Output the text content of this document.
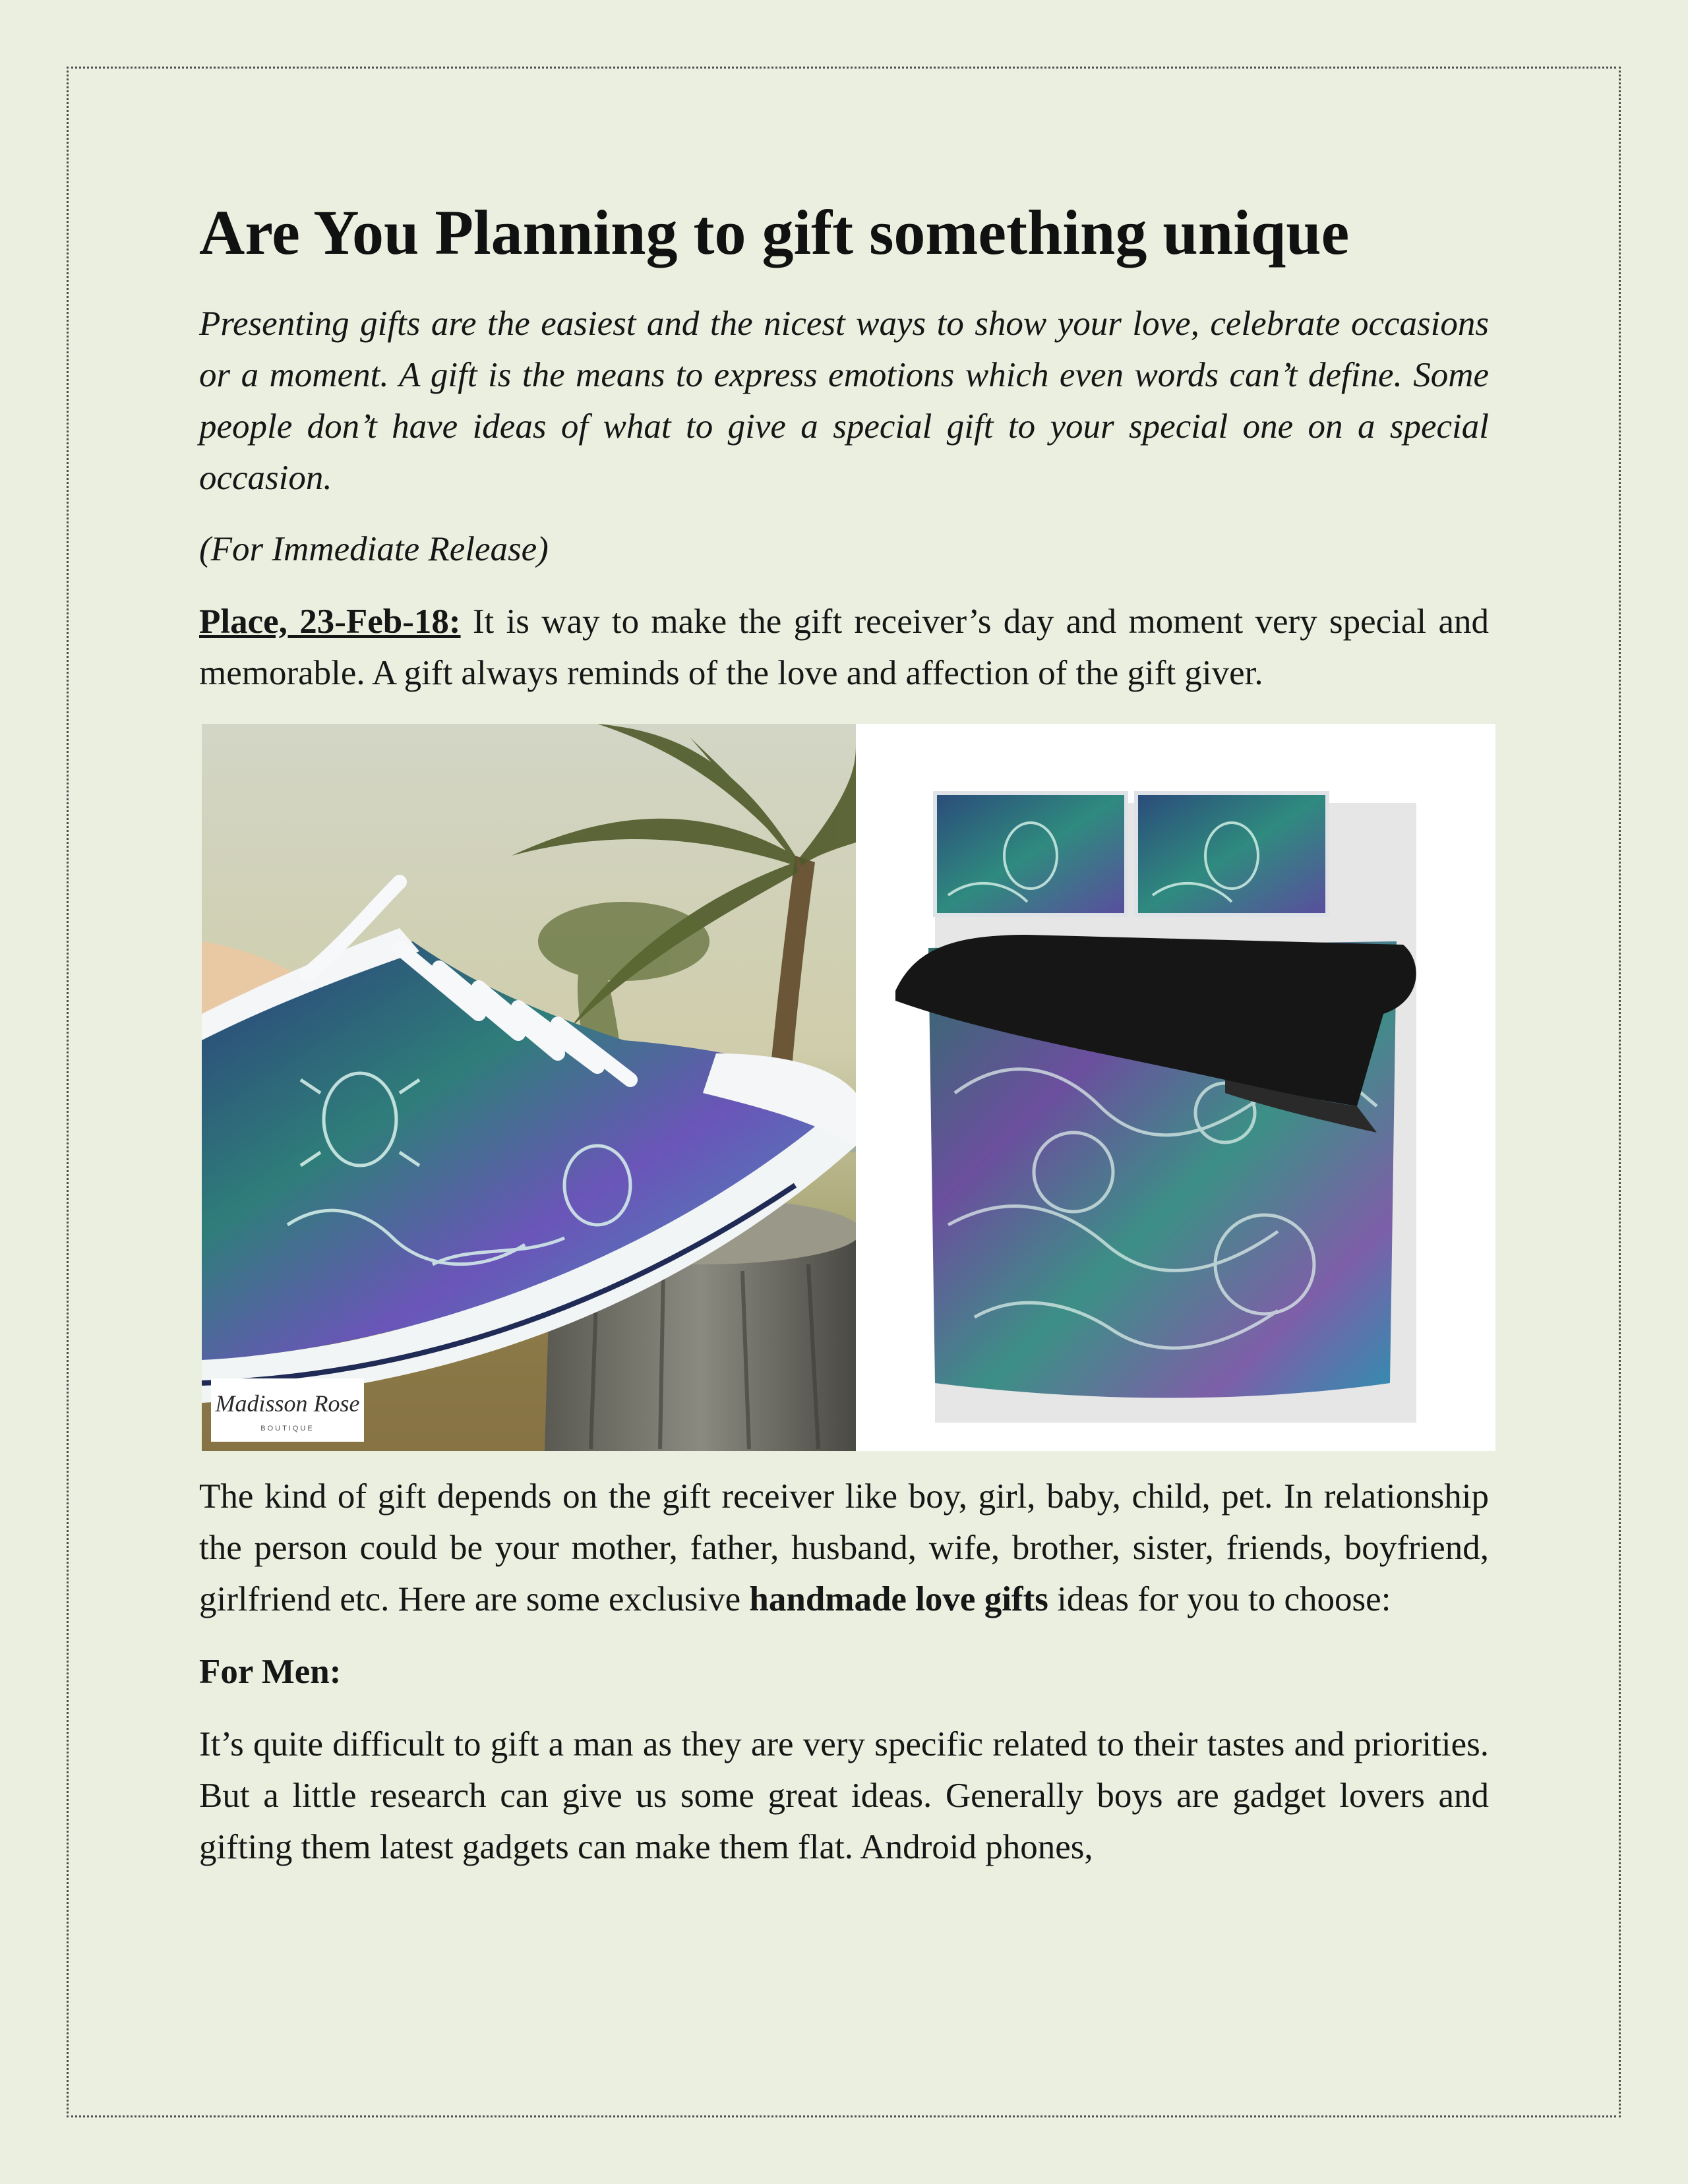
Are You Planning to gift something unique

Presenting gifts are the easiest and the nicest ways to show your love, celebrate occasions or a moment. A gift is the means to express emotions which even words can’t define. Some people don’t have ideas of what to give a special gift to your special one on a special occasion.

(For Immediate Release)

Place, 23-Feb-18: It is way to make the gift receiver’s day and moment very special and memorable. A gift always reminds of the love and affection of the gift giver.

Madisson Rose
BOUTIQUE

The kind of gift depends on the gift receiver like boy, girl, baby, child, pet. In relationship the person could be your mother, father, husband, wife, brother, sister, friends, boyfriend, girlfriend etc. Here are some exclusive handmade love gifts ideas for you to choose:

For Men:

It’s quite difficult to gift a man as they are very specific related to their tastes and priorities. But a little research can give us some great ideas. Generally boys are gadget lovers and gifting them latest gadgets can make them flat. Android phones,
